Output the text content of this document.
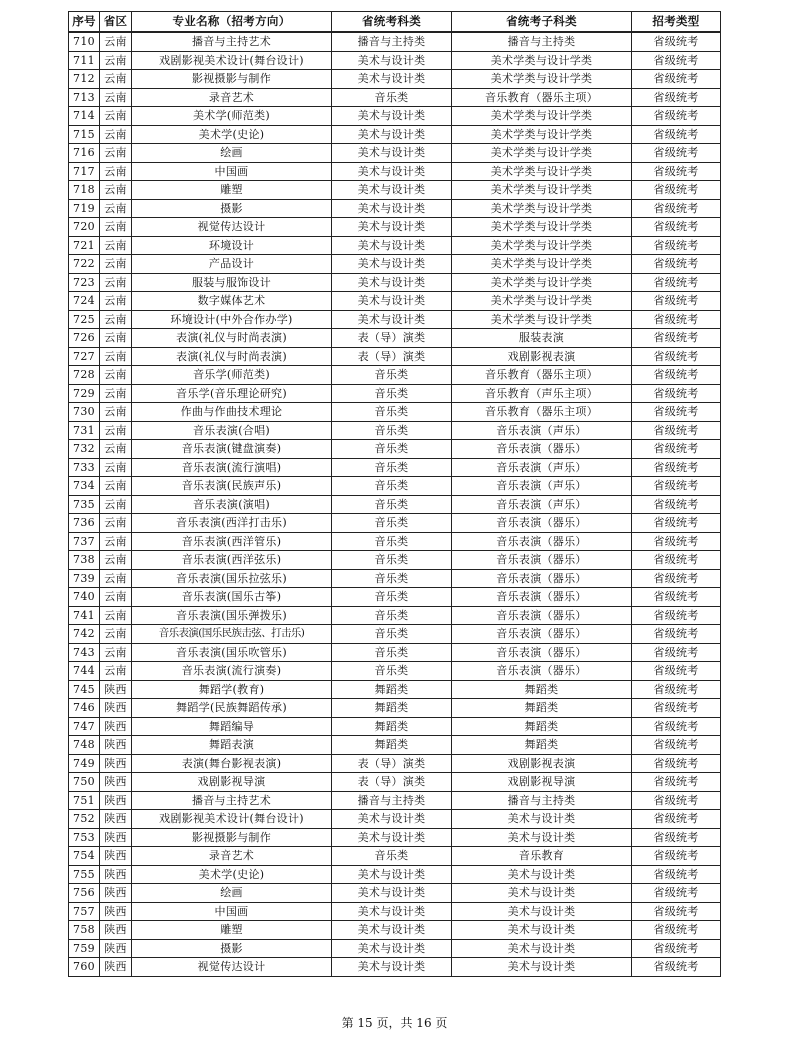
序号	省区	专业名称（招考方向）	省统考科类	省统考子科类	招考类型
710	云南	播音与主持艺术	播音与主持类	播音与主持类	省级统考
711	云南	戏剧影视美术设计(舞台设计)	美术与设计类	美术学类与设计学类	省级统考
712	云南	影视摄影与制作	美术与设计类	美术学类与设计学类	省级统考
713	云南	录音艺术	音乐类	音乐教育（器乐主项）	省级统考
714	云南	美术学(师范类)	美术与设计类	美术学类与设计学类	省级统考
715	云南	美术学(史论)	美术与设计类	美术学类与设计学类	省级统考
716	云南	绘画	美术与设计类	美术学类与设计学类	省级统考
717	云南	中国画	美术与设计类	美术学类与设计学类	省级统考
718	云南	雕塑	美术与设计类	美术学类与设计学类	省级统考
719	云南	摄影	美术与设计类	美术学类与设计学类	省级统考
720	云南	视觉传达设计	美术与设计类	美术学类与设计学类	省级统考
721	云南	环境设计	美术与设计类	美术学类与设计学类	省级统考
722	云南	产品设计	美术与设计类	美术学类与设计学类	省级统考
723	云南	服装与服饰设计	美术与设计类	美术学类与设计学类	省级统考
724	云南	数字媒体艺术	美术与设计类	美术学类与设计学类	省级统考
725	云南	环境设计(中外合作办学)	美术与设计类	美术学类与设计学类	省级统考
726	云南	表演(礼仪与时尚表演)	表（导）演类	服装表演	省级统考
727	云南	表演(礼仪与时尚表演)	表（导）演类	戏剧影视表演	省级统考
728	云南	音乐学(师范类)	音乐类	音乐教育（器乐主项）	省级统考
729	云南	音乐学(音乐理论研究)	音乐类	音乐教育（声乐主项）	省级统考
730	云南	作曲与作曲技术理论	音乐类	音乐教育（器乐主项）	省级统考
731	云南	音乐表演(合唱)	音乐类	音乐表演（声乐）	省级统考
732	云南	音乐表演(键盘演奏)	音乐类	音乐表演（器乐）	省级统考
733	云南	音乐表演(流行演唱)	音乐类	音乐表演（声乐）	省级统考
734	云南	音乐表演(民族声乐)	音乐类	音乐表演（声乐）	省级统考
735	云南	音乐表演(演唱)	音乐类	音乐表演（声乐）	省级统考
736	云南	音乐表演(西洋打击乐)	音乐类	音乐表演（器乐）	省级统考
737	云南	音乐表演(西洋管乐)	音乐类	音乐表演（器乐）	省级统考
738	云南	音乐表演(西洋弦乐)	音乐类	音乐表演（器乐）	省级统考
739	云南	音乐表演(国乐拉弦乐)	音乐类	音乐表演（器乐）	省级统考
740	云南	音乐表演(国乐古筝)	音乐类	音乐表演（器乐）	省级统考
741	云南	音乐表演(国乐弹拨乐)	音乐类	音乐表演（器乐）	省级统考
742	云南	音乐表演(国乐民族击弦、打击乐)	音乐类	音乐表演（器乐）	省级统考
743	云南	音乐表演(国乐吹管乐)	音乐类	音乐表演（器乐）	省级统考
744	云南	音乐表演(流行演奏)	音乐类	音乐表演（器乐）	省级统考
745	陕西	舞蹈学(教育)	舞蹈类	舞蹈类	省级统考
746	陕西	舞蹈学(民族舞蹈传承)	舞蹈类	舞蹈类	省级统考
747	陕西	舞蹈编导	舞蹈类	舞蹈类	省级统考
748	陕西	舞蹈表演	舞蹈类	舞蹈类	省级统考
749	陕西	表演(舞台影视表演)	表（导）演类	戏剧影视表演	省级统考
750	陕西	戏剧影视导演	表（导）演类	戏剧影视导演	省级统考
751	陕西	播音与主持艺术	播音与主持类	播音与主持类	省级统考
752	陕西	戏剧影视美术设计(舞台设计)	美术与设计类	美术与设计类	省级统考
753	陕西	影视摄影与制作	美术与设计类	美术与设计类	省级统考
754	陕西	录音艺术	音乐类	音乐教育	省级统考
755	陕西	美术学(史论)	美术与设计类	美术与设计类	省级统考
756	陕西	绘画	美术与设计类	美术与设计类	省级统考
757	陕西	中国画	美术与设计类	美术与设计类	省级统考
758	陕西	雕塑	美术与设计类	美术与设计类	省级统考
759	陕西	摄影	美术与设计类	美术与设计类	省级统考
760	陕西	视觉传达设计	美术与设计类	美术与设计类	省级统考
第 15 页，共 16 页
